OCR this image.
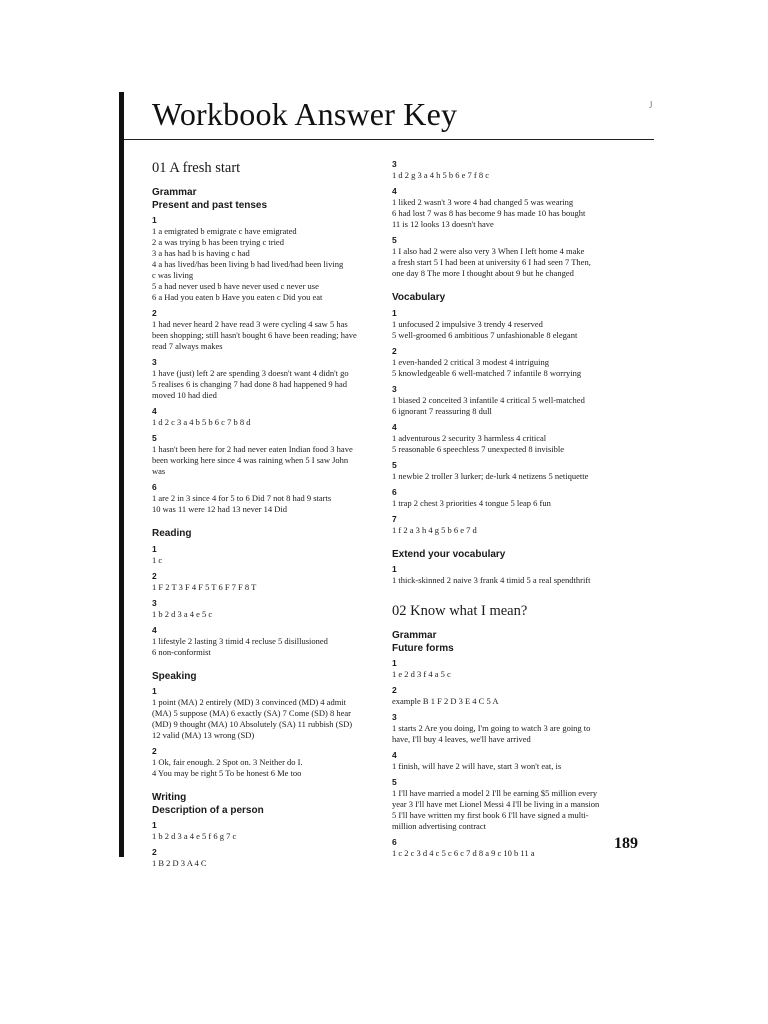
J
Workbook Answer Key
01 A fresh start
Grammar
Present and past tenses
1
1 a emigrated b emigrate c have emigrated
2 a was trying b has been trying c tried
3 a has had b is having c had
4 a has lived/has been living b had lived/had been living
c was living
5 a had never used b have never used c never use
6 a Had you eaten b Have you eaten c Did you eat
2
1 had never heard 2 have read 3 were cycling 4 saw 5 has
been shopping; still hasn't bought 6 have been reading; have
read 7 always makes
3
1 have (just) left 2 are spending 3 doesn't want 4 didn't go
5 realises 6 is changing 7 had done 8 had happened 9 had
moved 10 had died
4
1 d 2 c 3 a 4 b 5 b 6 c 7 b 8 d
5
1 hasn't been here for 2 had never eaten Indian food 3 have
been working here since 4 was raining when 5 I saw John
was
6
1 are 2 in 3 since 4 for 5 to 6 Did 7 not 8 had 9 starts
10 was 11 were 12 had 13 never 14 Did
Reading
1
1 c
2
1 F 2 T 3 F 4 F 5 T 6 F 7 F 8 T
3
1 b 2 d 3 a 4 e 5 c
4
1 lifestyle 2 lasting 3 timid 4 recluse 5 disillusioned
6 non-conformist
Speaking
1
1 point (MA) 2 entirely (MD) 3 convinced (MD) 4 admit
(MA) 5 suppose (MA) 6 exactly (SA) 7 Come (SD) 8 hear
(MD) 9 thought (MA) 10 Absolutely (SA) 11 rubbish (SD)
12 valid (MA) 13 wrong (SD)
2
1 Ok, fair enough. 2 Spot on. 3 Neither do I.
4 You may be right 5 To be honest 6 Me too
Writing
Description of a person
1
1 b 2 d 3 a 4 e 5 f 6 g 7 c
2
1 B 2 D 3 A 4 C
3
1 d 2 g 3 a 4 h 5 b 6 e 7 f 8 c
4
1 liked 2 wasn't 3 wore 4 had changed 5 was wearing
6 had lost 7 was 8 has become 9 has made 10 has bought
11 is 12 looks 13 doesn't have
5
1 I also had 2 were also very 3 When I left home 4 make
a fresh start 5 I had been at university 6 I had seen 7 Then,
one day 8 The more I thought about 9 but he changed
Vocabulary
1
1 unfocused 2 impulsive 3 trendy 4 reserved
5 well-groomed 6 ambitious 7 unfashionable 8 elegant
2
1 even-handed 2 critical 3 modest 4 intriguing
5 knowledgeable 6 well-matched 7 infantile 8 worrying
3
1 biased 2 conceited 3 infantile 4 critical 5 well-matched
6 ignorant 7 reassuring 8 dull
4
1 adventurous 2 security 3 harmless 4 critical
5 reasonable 6 speechless 7 unexpected 8 invisible
5
1 newbie 2 troller 3 lurker; de-lurk 4 netizens 5 netiquette
6
1 trap 2 chest 3 priorities 4 tongue 5 leap 6 fun
7
1 f 2 a 3 h 4 g 5 b 6 e 7 d
Extend your vocabulary
1
1 thick-skinned 2 naive 3 frank 4 timid 5 a real spendthrift
02 Know what I mean?
Grammar
Future forms
1
1 e 2 d 3 f 4 a 5 c
2
example B 1 F 2 D 3 E 4 C 5 A
3
1 starts 2 Are you doing, I'm going to watch 3 are going to
have, I'll buy 4 leaves, we'll have arrived
4
1 finish, will have 2 will have, start 3 won't eat, is
5
1 I'll have married a model 2 I'll be earning $5 million every
year 3 I'll have met Lionel Messi 4 I'll be living in a mansion
5 I'll have written my first book 6 I'll have signed a multi-
million advertising contract
6
1 c 2 c 3 d 4 c 5 c 6 c 7 d 8 a 9 c 10 b 11 a
189
